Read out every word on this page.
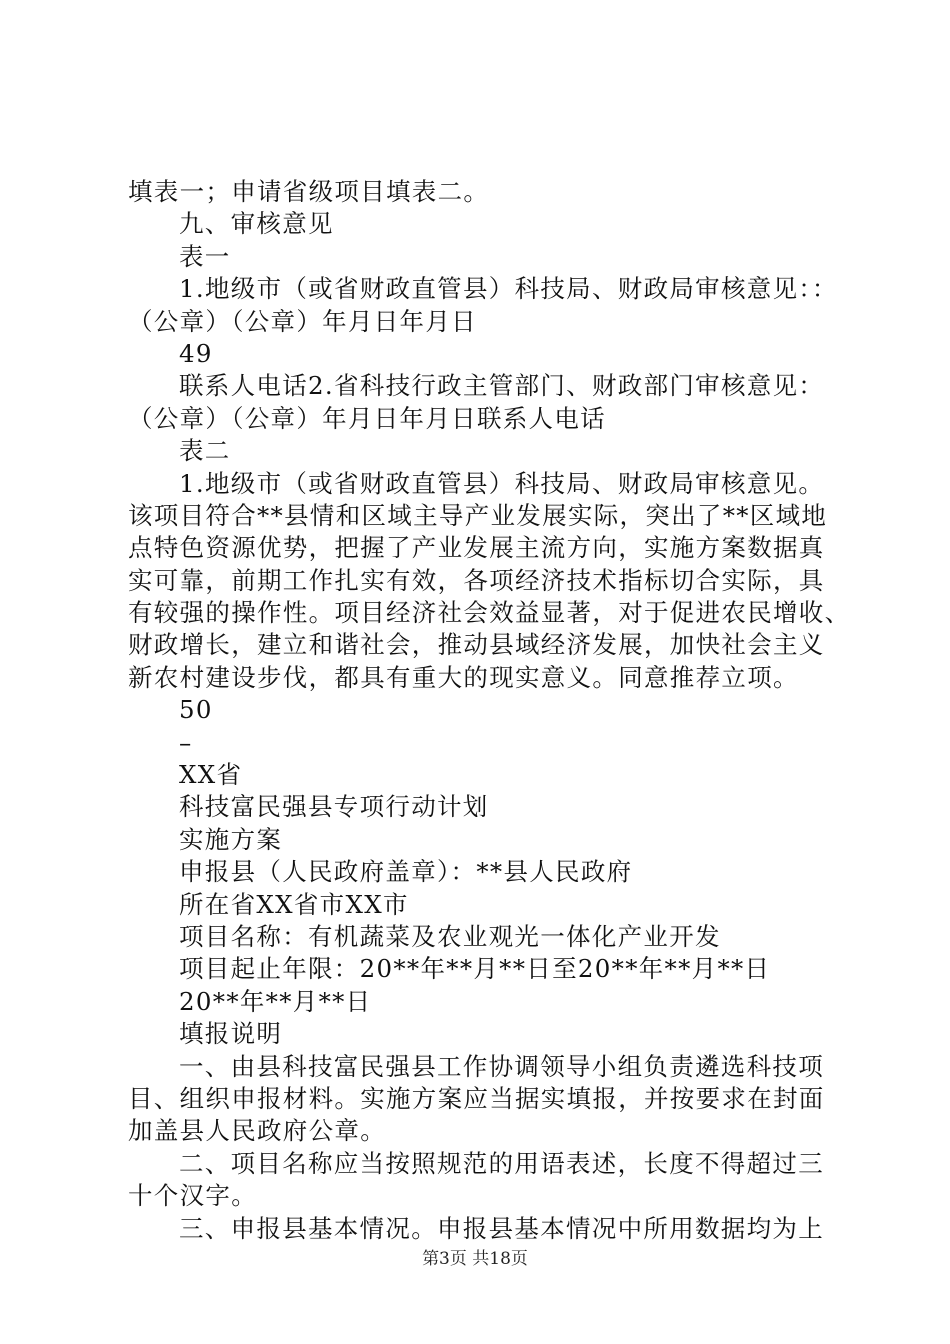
填表一；申请省级项目填表二。
九、审核意见
表一
1.地级市（或省财政直管县）科技局、财政局审核意见：：
（公章）（公章）年月日年月日
49
联系人电话2.省科技行政主管部门、财政部门审核意见：
（公章）（公章）年月日年月日联系人电话
表二
1.地级市（或省财政直管县）科技局、财政局审核意见。
该项目符合**县情和区域主导产业发展实际，突出了**区域地
点特色资源优势，把握了产业发展主流方向，实施方案数据真
实可靠，前期工作扎实有效，各项经济技术指标切合实际，具
有较强的操作性。项目经济社会效益显著，对于促进农民增收、
财政增长，建立和谐社会，推动县域经济发展，加快社会主义
新农村建设步伐，都具有重大的现实意义。同意推荐立项。
50
–
XX省
科技富民强县专项行动计划
实施方案
申报县（人民政府盖章）：**县人民政府
所在省XX省市XX市
项目名称：有机蔬菜及农业观光一体化产业开发
项目起止年限：20**年**月**日至20**年**月**日
20**年**月**日
填报说明
一、由县科技富民强县工作协调领导小组负责遴选科技项
目、组织申报材料。实施方案应当据实填报，并按要求在封面
加盖县人民政府公章。
二、项目名称应当按照规范的用语表述，长度不得超过三
十个汉字。
三、申报县基本情况。申报县基本情况中所用数据均为上
第3页 共18页
